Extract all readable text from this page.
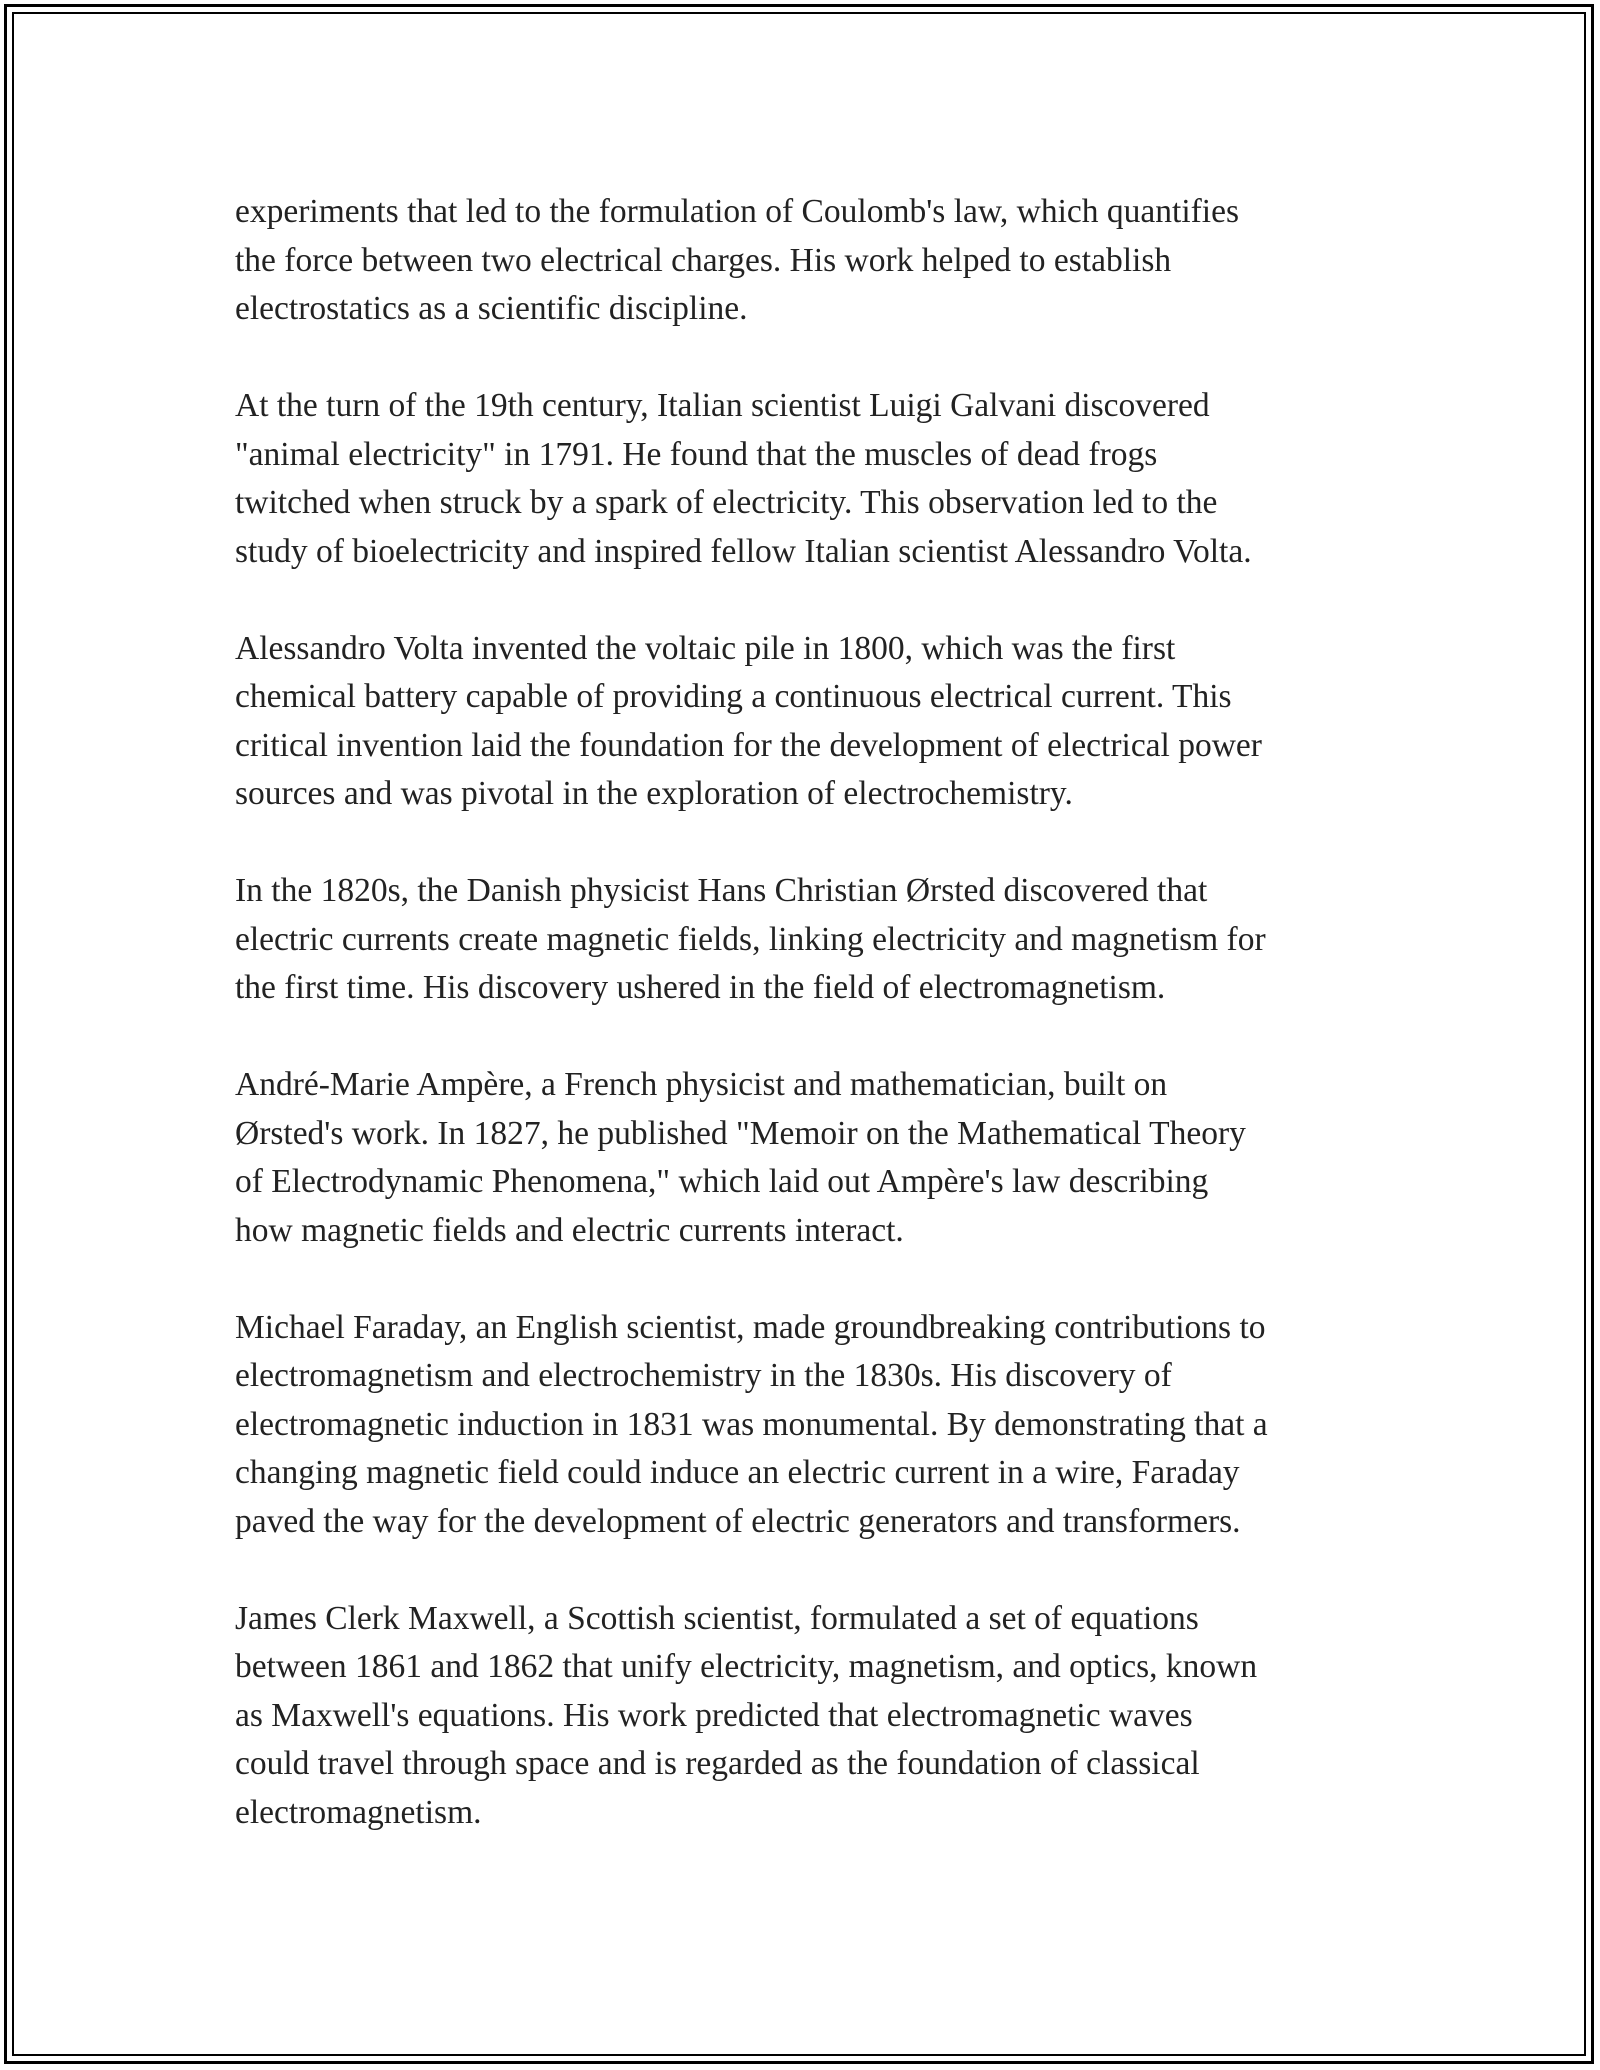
experiments that led to the formulation of Coulomb's law, which quantifies
the force between two electrical charges. His work helped to establish
electrostatics as a scientific discipline.

At the turn of the 19th century, Italian scientist Luigi Galvani discovered
"animal electricity" in 1791. He found that the muscles of dead frogs
twitched when struck by a spark of electricity. This observation led to the
study of bioelectricity and inspired fellow Italian scientist Alessandro Volta.

Alessandro Volta invented the voltaic pile in 1800, which was the first
chemical battery capable of providing a continuous electrical current. This
critical invention laid the foundation for the development of electrical power
sources and was pivotal in the exploration of electrochemistry.

In the 1820s, the Danish physicist Hans Christian Ørsted discovered that
electric currents create magnetic fields, linking electricity and magnetism for
the first time. His discovery ushered in the field of electromagnetism.

André-Marie Ampère, a French physicist and mathematician, built on
Ørsted's work. In 1827, he published "Memoir on the Mathematical Theory
of Electrodynamic Phenomena," which laid out Ampère's law describing
how magnetic fields and electric currents interact.

Michael Faraday, an English scientist, made groundbreaking contributions to
electromagnetism and electrochemistry in the 1830s. His discovery of
electromagnetic induction in 1831 was monumental. By demonstrating that a
changing magnetic field could induce an electric current in a wire, Faraday
paved the way for the development of electric generators and transformers.

James Clerk Maxwell, a Scottish scientist, formulated a set of equations
between 1861 and 1862 that unify electricity, magnetism, and optics, known
as Maxwell's equations. His work predicted that electromagnetic waves
could travel through space and is regarded as the foundation of classical
electromagnetism.
